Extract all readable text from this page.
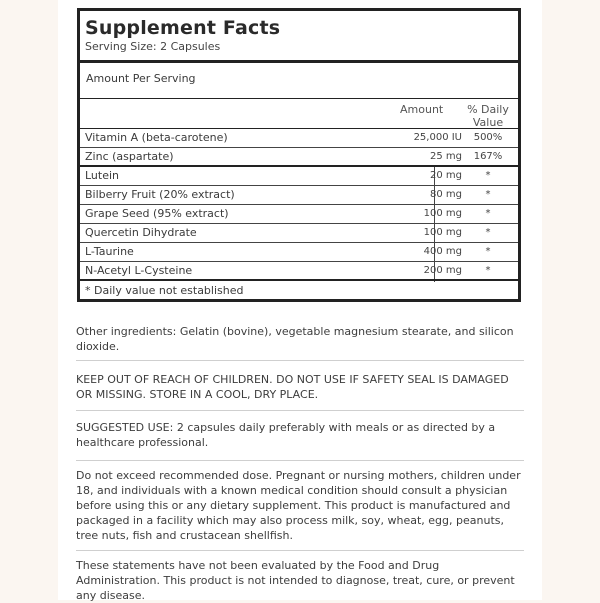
Supplement Facts
Serving Size: 2 Capsules
Amount Per Serving
Amount	% Daily Value
Vitamin A (beta-carotene)	25,000 IU	500%
Zinc (aspartate)	25 mg	167%
Lutein	20 mg	*
Bilberry Fruit (20% extract)	80 mg	*
Grape Seed (95% extract)	100 mg	*
Quercetin Dihydrate	100 mg	*
L-Taurine	400 mg	*
N-Acetyl L-Cysteine	200 mg	*
* Daily value not established
Other ingredients: Gelatin (bovine), vegetable magnesium stearate, and silicon dioxide.
KEEP OUT OF REACH OF CHILDREN. DO NOT USE IF SAFETY SEAL IS DAMAGED OR MISSING. STORE IN A COOL, DRY PLACE.
SUGGESTED USE: 2 capsules daily preferably with meals or as directed by a healthcare professional.
Do not exceed recommended dose. Pregnant or nursing mothers, children under 18, and individuals with a known medical condition should consult a physician before using this or any dietary supplement. This product is manufactured and packaged in a facility which may also process milk, soy, wheat, egg, peanuts, tree nuts, fish and crustacean shellfish.
These statements have not been evaluated by the Food and Drug Administration. This product is not intended to diagnose, treat, cure, or prevent any disease.
